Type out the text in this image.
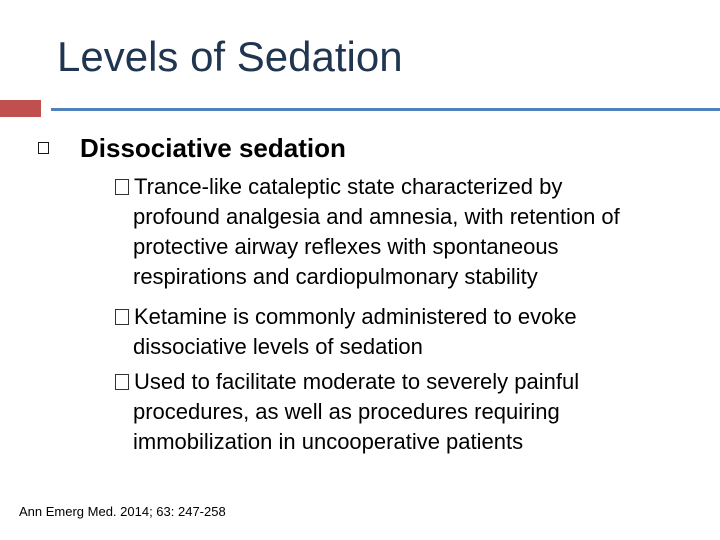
Levels of Sedation
Dissociative sedation
Trance-like cataleptic state characterized by
profound analgesia and amnesia, with retention of
protective airway reflexes with spontaneous
respirations and cardiopulmonary stability
Ketamine is commonly administered to evoke
dissociative levels of sedation
Used to facilitate moderate to severely painful
procedures, as well as procedures requiring
immobilization in uncooperative patients
Ann Emerg Med. 2014; 63: 247-258
